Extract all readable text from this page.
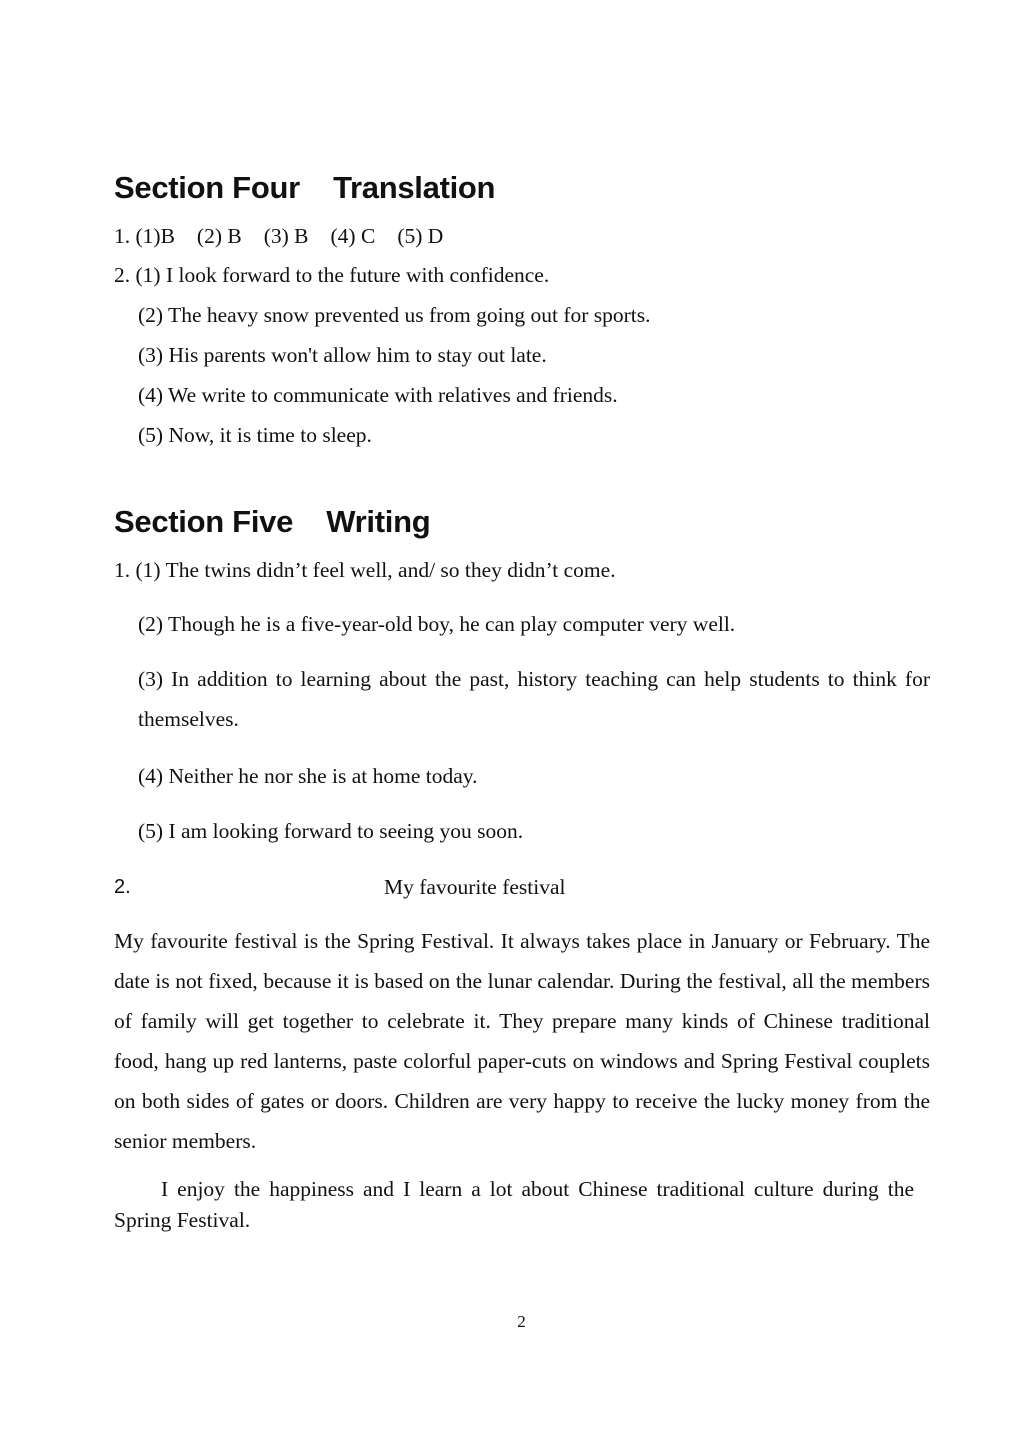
Section Four    Translation
1. (1)B (2) B (3) B (4) C (5) D
2. (1) I look forward to the future with confidence.
(2) The heavy snow prevented us from going out for sports.
(3) His parents won't allow him to stay out late.
(4) We write to communicate with relatives and friends.
(5) Now, it is time to sleep.
Section Five    Writing
1. (1) The twins didn’t feel well, and/ so they didn’t come.
(2) Though he is a five-year-old boy, he can play computer very well.
(3) In addition to learning about the past, history teaching can help students to think for themselves.
(4) Neither he nor she is at home today.
(5) I am looking forward to seeing you soon.
2.	My favourite festival
My favourite festival is the Spring Festival. It always takes place in January or February. The date is not fixed, because it is based on the lunar calendar. During the festival, all the members of family will get together to celebrate it. They prepare many kinds of Chinese traditional food, hang up red lanterns, paste colorful paper-cuts on windows and Spring Festival couplets on both sides of gates or doors. Children are very happy to receive the lucky money from the senior members.
I enjoy the happiness and I learn a lot about Chinese traditional culture during the Spring Festival.
2
